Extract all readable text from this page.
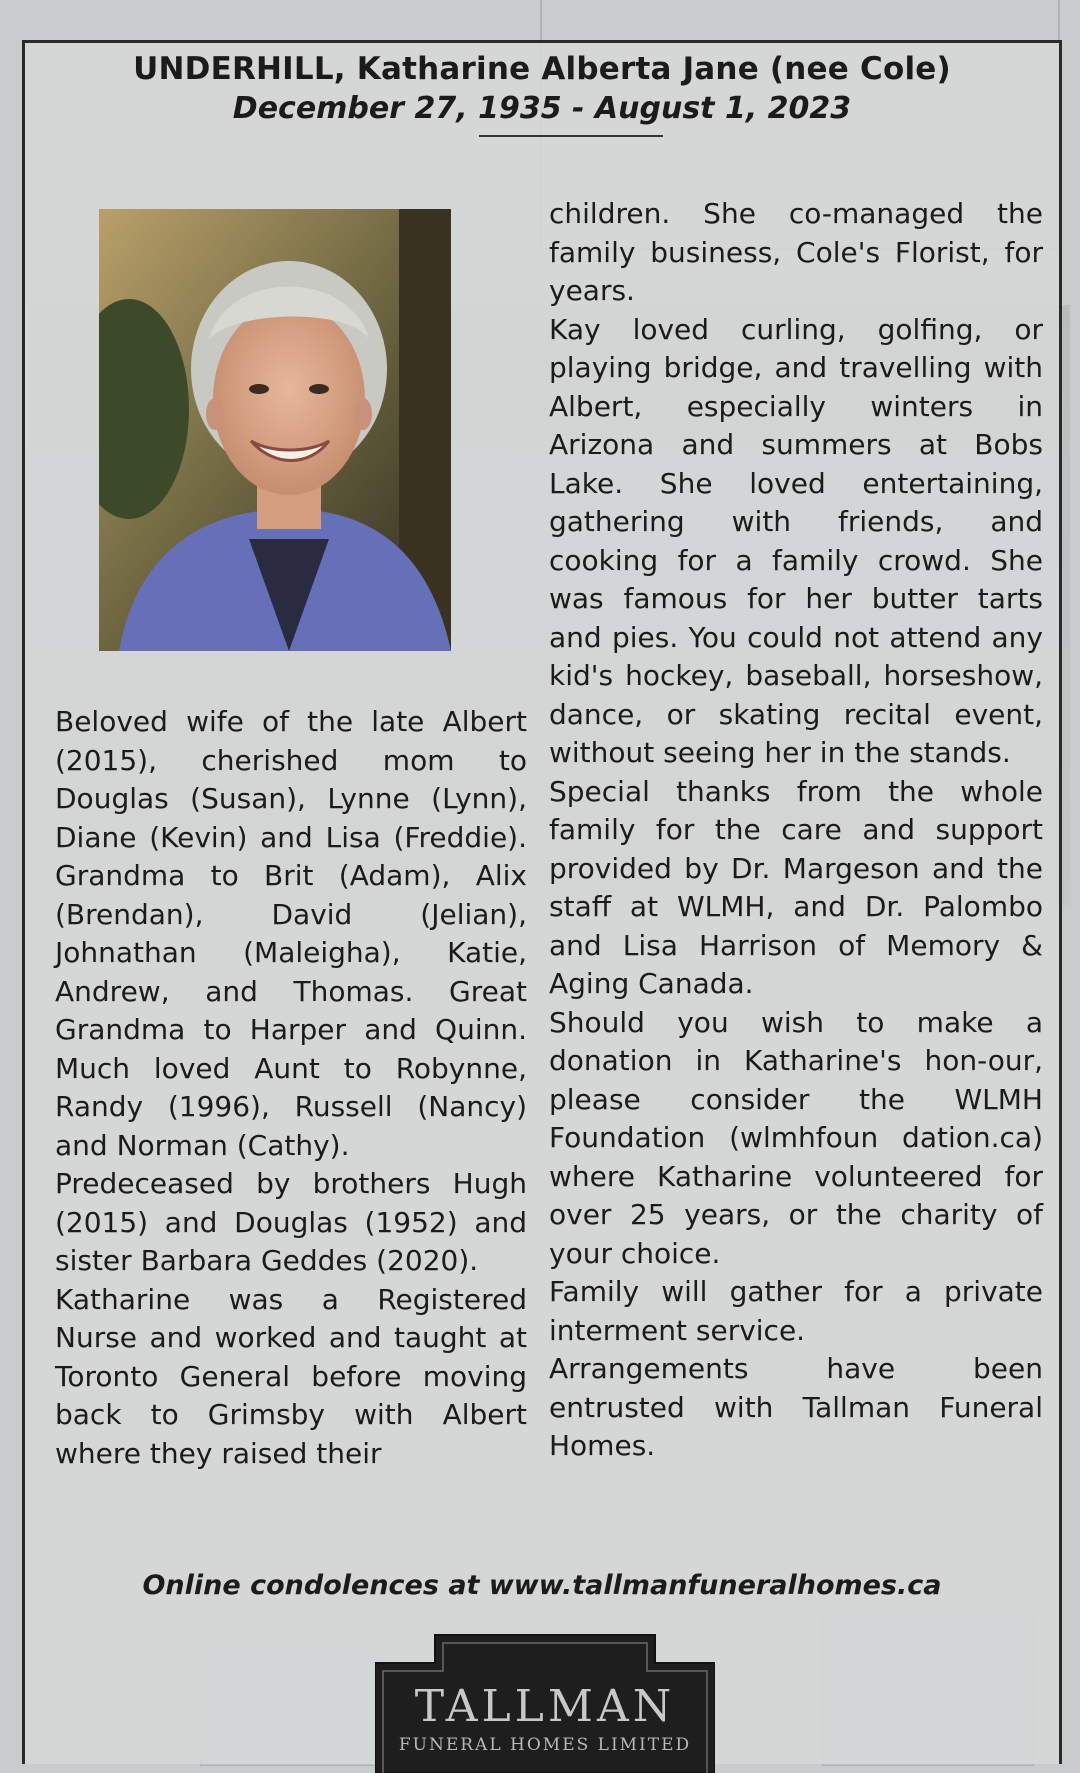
UNDERHILL, Katharine Alberta Jane (nee Cole)
December 27, 1935 - August 1, 2023

Beloved wife of the late Albert (2015), cherished mom to Douglas (Susan), Lynne (Lynn), Diane (Kevin) and Lisa (Freddie). Grandma to Brit (Adam), Alix (Brendan), David (Jelian), Johnathan (Maleigha), Katie, Andrew, and Thomas. Great Grandma to Harper and Quinn. Much loved Aunt to Robynne, Randy (1996), Russell (Nancy) and Norman (Cathy).

Predeceased by brothers Hugh (2015) and Douglas (1952) and sister Barbara Geddes (2020).

Katharine was a Registered Nurse and worked and taught at Toronto General before moving back to Grimsby with Albert where they raised their

children. She co-managed the family business, Cole's Florist, for years.

Kay loved curling, golfing, or playing bridge, and travelling with Albert, especially winters in Arizona and summers at Bobs Lake. She loved entertaining, gathering with friends, and cooking for a family crowd. She was famous for her butter tarts and pies. You could not attend any kid's hockey, baseball, horseshow, dance, or skating recital event, without seeing her in the stands.

Special thanks from the whole family for the care and support provided by Dr. Margeson and the staff at WLMH, and Dr. Palombo and Lisa Harrison of Memory & Aging Canada.

Should you wish to make a donation in Katharine's hon-our, please consider the WLMH Foundation (wlmhfoun dation.ca) where Katharine volunteered for over 25 years, or the charity of your choice.

Family will gather for a private interment service.

Arrangements have been entrusted with Tallman Funeral Homes.

Online condolences at www.tallmanfuneralhomes.ca
TALLMAN
FUNERAL HOMES LIMITED
